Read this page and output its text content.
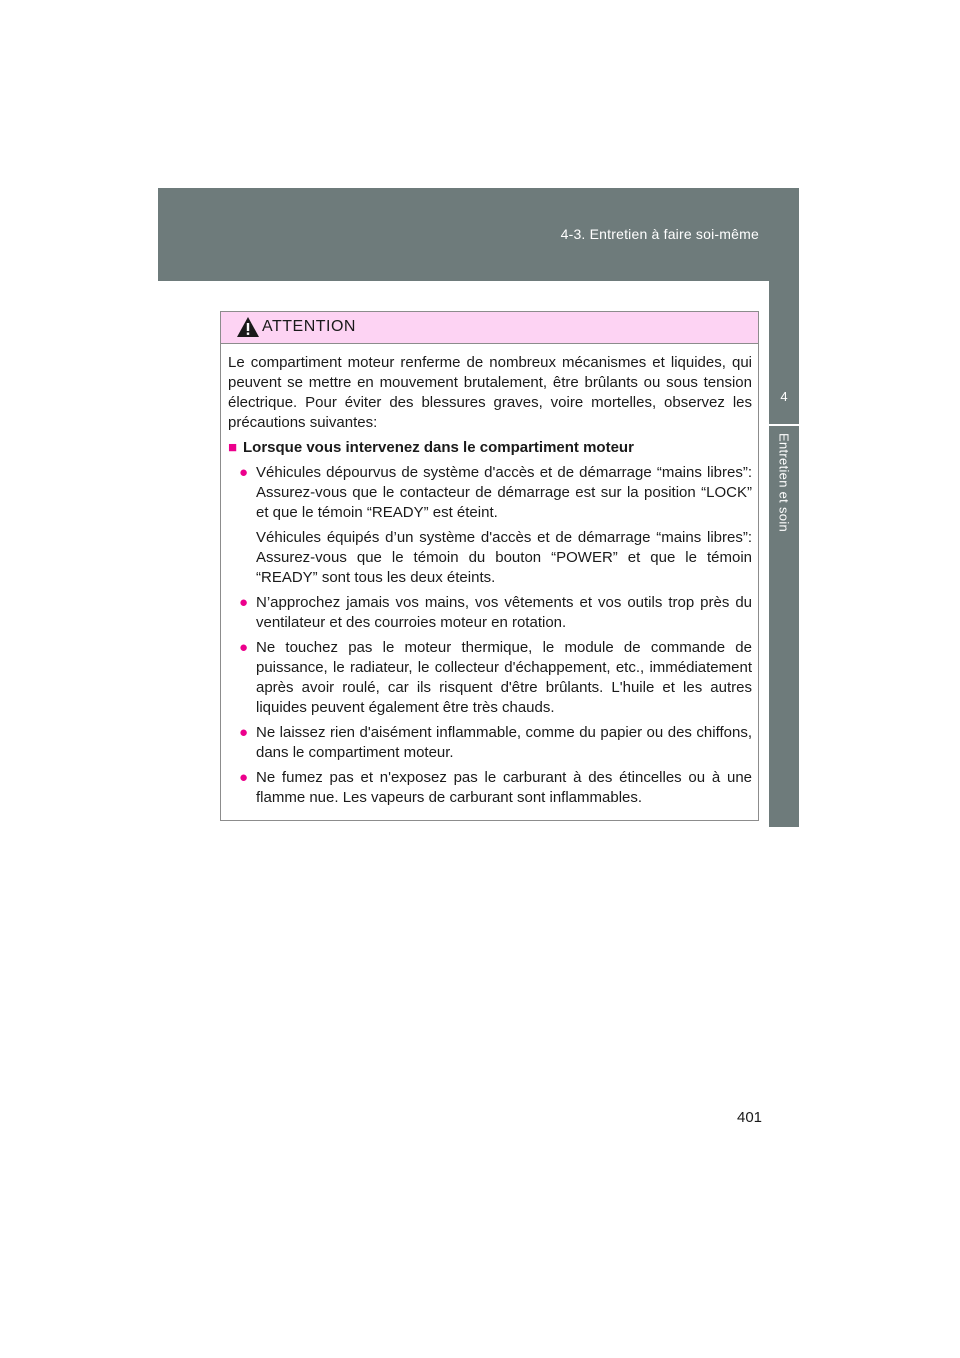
4-3. Entretien à faire soi-même
4
Entretien et soin
ATTENTION

Le compartiment moteur renferme de nombreux mécanismes et liquides, qui peuvent se mettre en mouvement brutalement, être brûlants ou sous tension électrique. Pour éviter des blessures graves, voire mortelles, observez les précautions suivantes:

■ Lorsque vous intervenez dans le compartiment moteur
● Véhicules dépourvus de système d'accès et de démarrage “mains libres”: Assurez-vous que le contacteur de démarrage est sur la position “LOCK” et que le témoin “READY” est éteint.

Véhicules équipés d’un système d'accès et de démarrage “mains libres”: Assurez-vous que le témoin du bouton “POWER” et que le témoin “READY” sont tous les deux éteints.

● N’approchez jamais vos mains, vos vêtements et vos outils trop près du ventilateur et des courroies moteur en rotation.

● Ne touchez pas le moteur thermique, le module de commande de puissance, le radiateur, le collecteur d'échappement, etc., immédiatement après avoir roulé, car ils risquent d'être brûlants. L'huile et les autres liquides peuvent également être très chauds.

● Ne laissez rien d'aisément inflammable, comme du papier ou des chiffons, dans le compartiment moteur.

● Ne fumez pas et n'exposez pas le carburant à des étincelles ou à une flamme nue. Les vapeurs de carburant sont inflammables.

401
